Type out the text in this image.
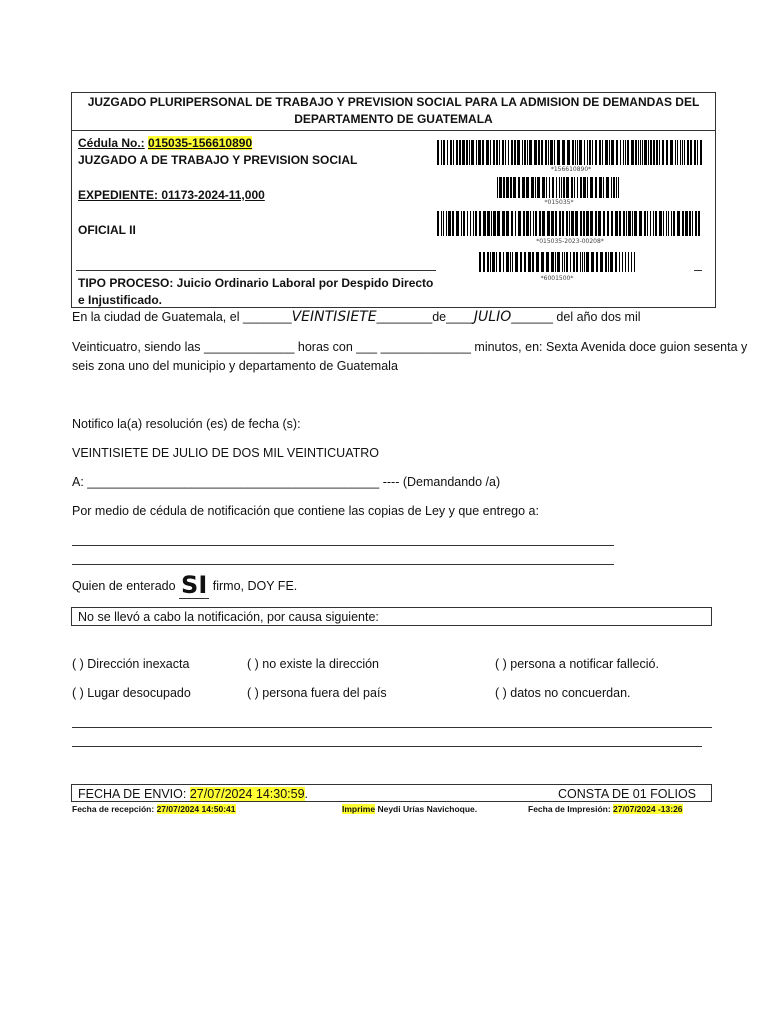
JUZGADO PLURIPERSONAL DE TRABAJO Y PREVISION SOCIAL PARA LA ADMISION DE DEMANDAS DEL DEPARTAMENTO DE GUATEMALA
Cédula No.: 015035-156610890
JUZGADO A DE TRABAJO Y PREVISION SOCIAL
EXPEDIENTE: 01173-2024-11,000
OFICIAL II
TIPO PROCESO: Juicio Ordinario Laboral por Despido Directo
e Injustificado.
*156610890*
*015035*
*015035-2023-00208*
*6001500*
En la ciudad de Guatemala, el _______VEINTISIETE________de____JULIO______ del año dos mil
Veinticuatro, siendo las _____________ horas con ___ _____________ minutos, en: Sexta Avenida doce guion sesenta y
seis zona uno del municipio y departamento de Guatemala
Notifico la(a) resolución (es) de fecha (s):
VEINTISIETE DE JULIO DE DOS MIL VEINTICUATRO
A: __________________________________________ ---- (Demandando /a)
Por medio de cédula de notificación que contiene las copias de Ley y que entrego a:
Quien de enterado SI firmo, DOY FE.
No se llevó a cabo la notificación, por causa siguiente:
( ) Dirección inexacta	( ) no existe la dirección	( ) persona a notificar falleció.
( ) Lugar desocupado	( ) persona fuera del país	( ) datos no concuerdan.
FECHA DE ENVIO: 27/07/2024 14:30:59.	CONSTA DE 01 FOLIOS
Fecha de recepción: 27/07/2024 14:50:41	Imprime Neydi Urías Navichoque.	Fecha de Impresión: 27/07/2024 -13:26
